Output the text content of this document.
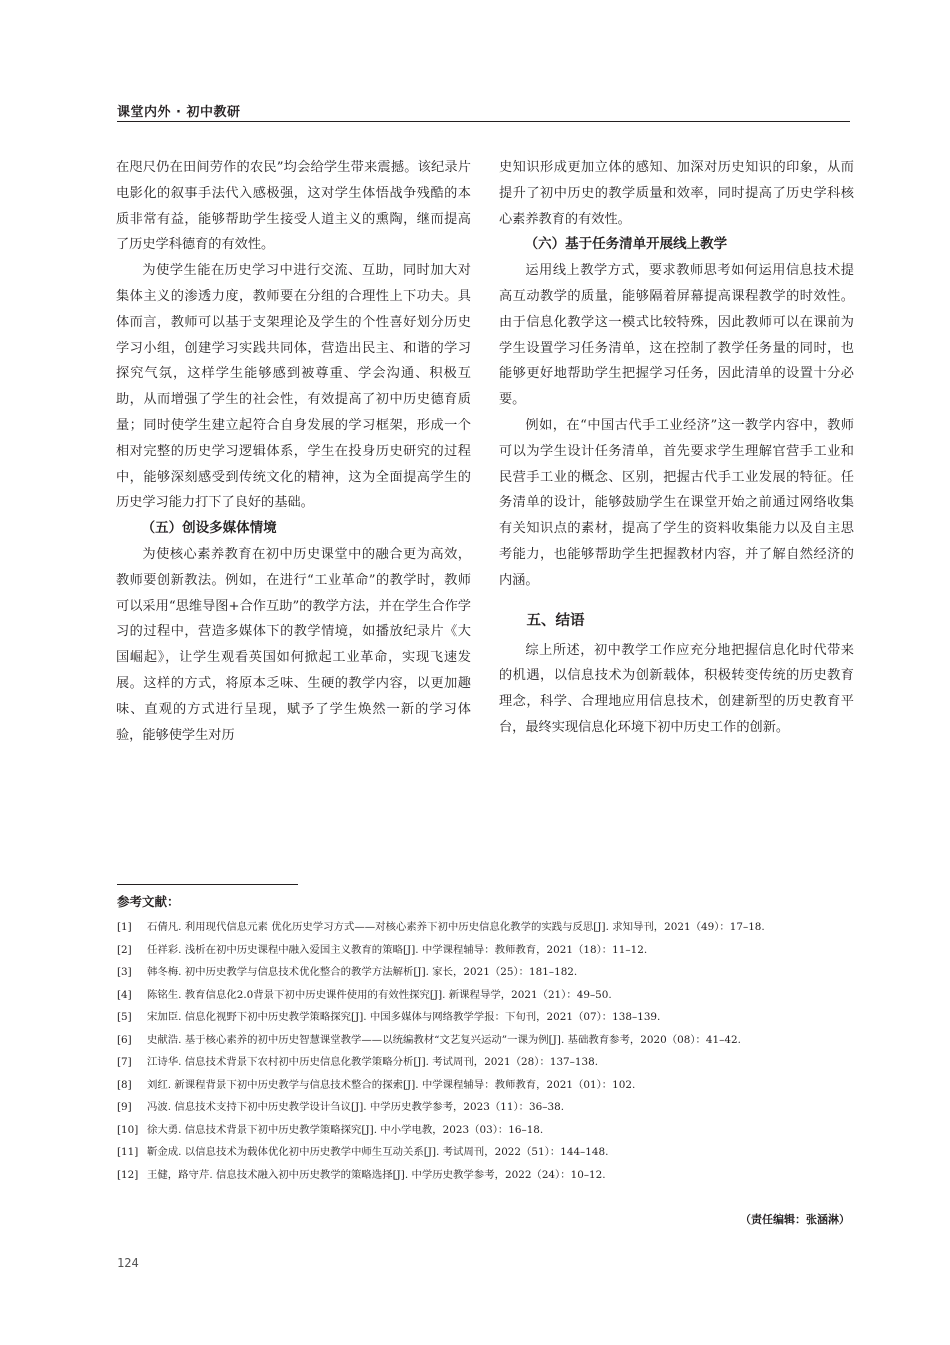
课堂内外 · 初中教研

在咫尺仍在田间劳作的农民”均会给学生带来震撼。该纪录片电影化的叙事手法代入感极强，这对学生体悟战争残酷的本质非常有益，能够帮助学生接受人道主义的熏陶，继而提高了历史学科德育的有效性。

为使学生能在历史学习中进行交流、互助，同时加大对集体主义的渗透力度，教师要在分组的合理性上下功夫。具体而言，教师可以基于支架理论及学生的个性喜好划分历史学习小组，创建学习实践共同体，营造出民主、和谐的学习探究气氛，这样学生能够感到被尊重、学会沟通、积极互助，从而增强了学生的社会性，有效提高了初中历史德育质量；同时使学生建立起符合自身发展的学习框架，形成一个相对完整的历史学习逻辑体系，学生在投身历史研究的过程中，能够深刻感受到传统文化的精神，这为全面提高学生的历史学习能力打下了良好的基础。

（五）创设多媒体情境

为使核心素养教育在初中历史课堂中的融合更为高效，教师要创新教法。例如，在进行“工业革命”的教学时，教师可以采用“思维导图+合作互助”的教学方法，并在学生合作学习的过程中，营造多媒体下的教学情境，如播放纪录片《大国崛起》，让学生观看英国如何掀起工业革命，实现飞速发展。这样的方式，将原本乏味、生硬的教学内容，以更加趣味、直观的方式进行呈现，赋予了学生焕然一新的学习体验，能够使学生对历

史知识形成更加立体的感知、加深对历史知识的印象，从而提升了初中历史的教学质量和效率，同时提高了历史学科核心素养教育的有效性。

（六）基于任务清单开展线上教学

运用线上教学方式，要求教师思考如何运用信息技术提高互动教学的质量，能够隔着屏幕提高课程教学的时效性。由于信息化教学这一模式比较特殊，因此教师可以在课前为学生设置学习任务清单，这在控制了教学任务量的同时，也能够更好地帮助学生把握学习任务，因此清单的设置十分必要。

例如，在“中国古代手工业经济”这一教学内容中，教师可以为学生设计任务清单，首先要求学生理解官营手工业和民营手工业的概念、区别，把握古代手工业发展的特征。任务清单的设计，能够鼓励学生在课堂开始之前通过网络收集有关知识点的素材，提高了学生的资料收集能力以及自主思考能力，也能够帮助学生把握教材内容，并了解自然经济的内涵。

五、结语

综上所述，初中教学工作应充分地把握信息化时代带来的机遇，以信息技术为创新载体，积极转变传统的历史教育理念，科学、合理地应用信息技术，创建新型的历史教育平台，最终实现信息化环境下初中历史工作的创新。

参考文献：
[1]	石倩凡. 利用现代信息元素 优化历史学习方式——对核心素养下初中历史信息化教学的实践与反思[J]. 求知导刊，2021（49）：17–18.
[2]	任祥彩. 浅析在初中历史课程中融入爱国主义教育的策略[J]. 中学课程辅导：教师教育，2021（18）：11–12.
[3]	韩冬梅. 初中历史教学与信息技术优化整合的教学方法解析[J]. 家长，2021（25）：181–182.
[4]	陈铭生. 教育信息化2.0背景下初中历史课件使用的有效性探究[J]. 新课程导学，2021（21）：49–50.
[5]	宋加臣. 信息化视野下初中历史教学策略探究[J]. 中国多媒体与网络教学学报：下旬刊，2021（07）：138–139.
[6]	史献浩. 基于核心素养的初中历史智慧课堂教学——以统编教材“文艺复兴运动”一课为例[J]. 基础教育参考，2020（08）：41–42.
[7]	江诗华. 信息技术背景下农村初中历史信息化教学策略分析[J]. 考试周刊，2021（28）：137–138.
[8]	刘红. 新课程背景下初中历史教学与信息技术整合的探索[J]. 中学课程辅导：教师教育，2021（01）：102.
[9]	冯波. 信息技术支持下初中历史教学设计刍议[J]. 中学历史教学参考，2023（11）：36–38.
[10] 徐大勇. 信息技术背景下初中历史教学策略探究[J]. 中小学电教，2023（03）：16–18.
[11] 靳金成. 以信息技术为载体优化初中历史教学中师生互动关系[J]. 考试周刊，2022（51）：144–148.
[12] 王健，路守芹. 信息技术融入初中历史教学的策略选择[J]. 中学历史教学参考，2022（24）：10–12.
（责任编辑：张涵淋）
124
